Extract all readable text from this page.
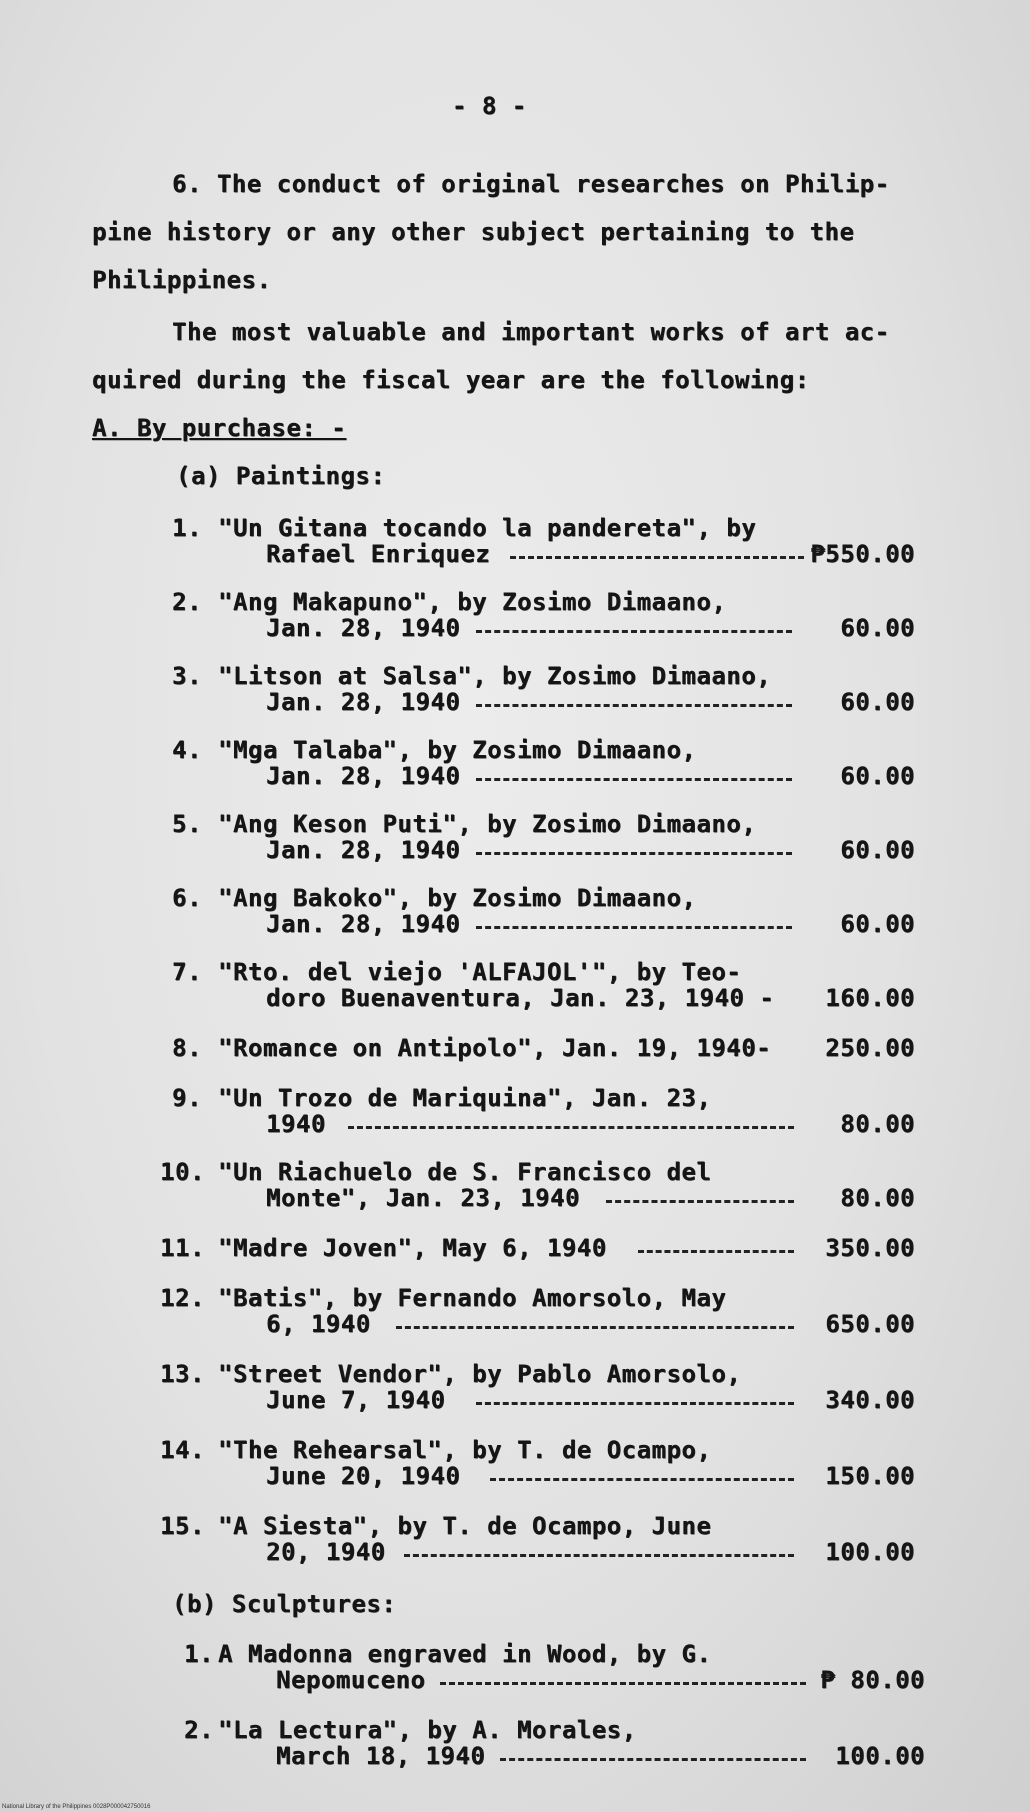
- 8 -

6. The conduct of original researches on Philip-

pine history or any other subject pertaining to the

Philippines.

The most valuable and important works of art ac-

quired during the fiscal year are the following:

A. By purchase: -

(a) Paintings:

1. "Un Gitana tocando la pandereta", by

Rafael Enriquez	₱550.00

2. "Ang Makapuno", by Zosimo Dimaano,

Jan. 28, 1940	60.00

3. "Litson at Salsa", by Zosimo Dimaano,

Jan. 28, 1940	60.00

4. "Mga Talaba", by Zosimo Dimaano,

Jan. 28, 1940	60.00

5. "Ang Keson Puti", by Zosimo Dimaano,

Jan. 28, 1940	60.00

6. "Ang Bakoko", by Zosimo Dimaano,

Jan. 28, 1940	60.00

7. "Rto. del viejo 'ALFAJOL'", by Teo-

doro Buenaventura, Jan. 23, 1940 -	160.00

8. "Romance on Antipolo", Jan. 19, 1940-	250.00

9. "Un Trozo de Mariquina", Jan. 23,

1940	80.00

10. "Un Riachuelo de S. Francisco del

Monte", Jan. 23, 1940	80.00

11. "Madre Joven", May 6, 1940	350.00

12. "Batis", by Fernando Amorsolo, May

6, 1940	650.00

13. "Street Vendor", by Pablo Amorsolo,

June 7, 1940	340.00

14. "The Rehearsal", by T. de Ocampo,

June 20, 1940	150.00

15. "A Siesta", by T. de Ocampo, June

20, 1940	100.00

(b) Sculptures:

1. A Madonna engraved in Wood, by G.

Nepomuceno	₱ 80.00

2. "La Lectura", by A. Morales,

March 18, 1940	100.00

National Library of the Philippines 0028P000042750016
